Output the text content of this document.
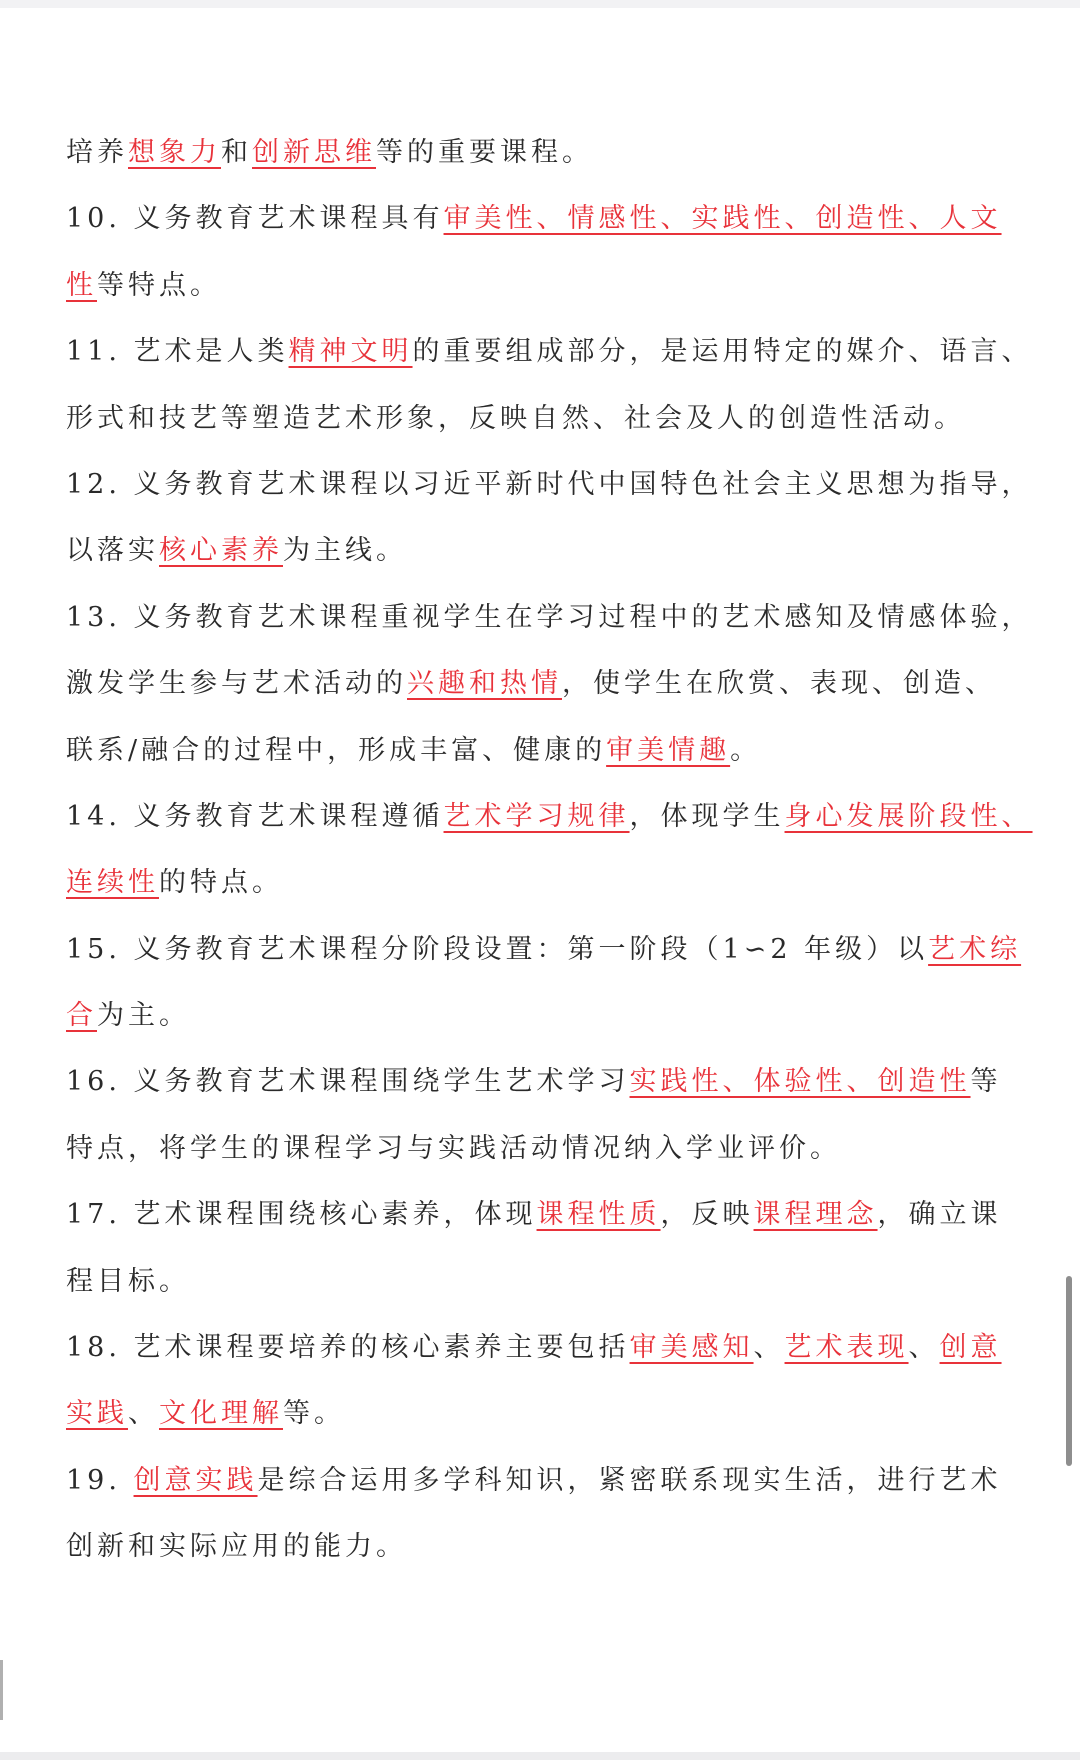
培养想象力和创新思维等的重要课程。
10. 义务教育艺术课程具有审美性、情感性、实践性、创造性、人文
性等特点。
11. 艺术是人类精神文明的重要组成部分，是运用特定的媒介、语言、
形式和技艺等塑造艺术形象，反映自然、社会及人的创造性活动。
12. 义务教育艺术课程以习近平新时代中国特色社会主义思想为指导，
以落实核心素养为主线。
13. 义务教育艺术课程重视学生在学习过程中的艺术感知及情感体验，
激发学生参与艺术活动的兴趣和热情，使学生在欣赏、表现、创造、
联系/融合的过程中，形成丰富、健康的审美情趣。
14. 义务教育艺术课程遵循艺术学习规律，体现学生身心发展阶段性、
连续性的特点。
15. 义务教育艺术课程分阶段设置：第一阶段（1∽2 年级）以艺术综
合为主。
16. 义务教育艺术课程围绕学生艺术学习实践性、体验性、创造性等
特点，将学生的课程学习与实践活动情况纳入学业评价。
17. 艺术课程围绕核心素养，体现课程性质，反映课程理念，确立课
程目标。
18. 艺术课程要培养的核心素养主要包括审美感知、艺术表现、创意
实践、文化理解等。
19. 创意实践是综合运用多学科知识，紧密联系现实生活，进行艺术
创新和实际应用的能力。
